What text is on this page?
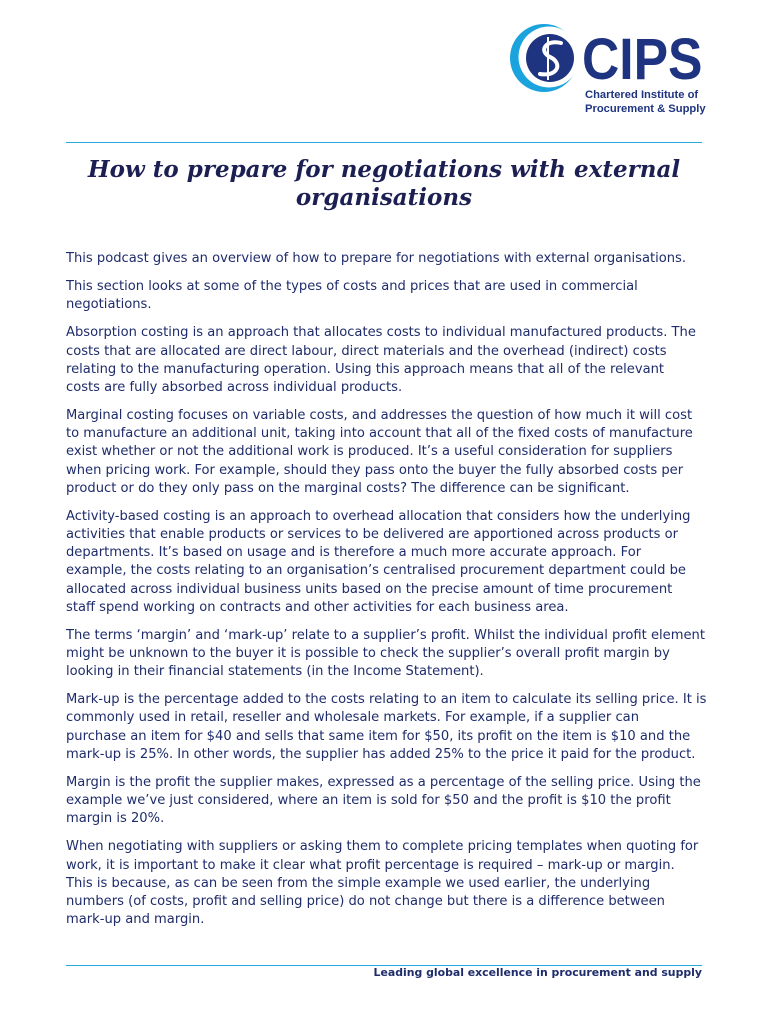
CIPS
Chartered Institute of
Procurement & Supply
How to prepare for negotiations with external
organisations

This podcast gives an overview of how to prepare for negotiations with external organisations.

This section looks at some of the types of costs and prices that are used in commercial
negotiations.

Absorption costing is an approach that allocates costs to individual manufactured products. The
costs that are allocated are direct labour, direct materials and the overhead (indirect) costs
relating to the manufacturing operation. Using this approach means that all of the relevant
costs are fully absorbed across individual products.

Marginal costing focuses on variable costs, and addresses the question of how much it will cost
to manufacture an additional unit, taking into account that all of the fixed costs of manufacture
exist whether or not the additional work is produced. It’s a useful consideration for suppliers
when pricing work. For example, should they pass onto the buyer the fully absorbed costs per
product or do they only pass on the marginal costs? The difference can be significant.

Activity-based costing is an approach to overhead allocation that considers how the underlying
activities that enable products or services to be delivered are apportioned across products or
departments. It’s based on usage and is therefore a much more accurate approach. For
example, the costs relating to an organisation’s centralised procurement department could be
allocated across individual business units based on the precise amount of time procurement
staff spend working on contracts and other activities for each business area.

The terms ‘margin’ and ‘mark-up’ relate to a supplier’s profit. Whilst the individual profit element
might be unknown to the buyer it is possible to check the supplier’s overall profit margin by
looking in their financial statements (in the Income Statement).

Mark-up is the percentage added to the costs relating to an item to calculate its selling price. It is
commonly used in retail, reseller and wholesale markets. For example, if a supplier can
purchase an item for $40 and sells that same item for $50, its profit on the item is $10 and the
mark-up is 25%. In other words, the supplier has added 25% to the price it paid for the product.

Margin is the profit the supplier makes, expressed as a percentage of the selling price. Using the
example we’ve just considered, where an item is sold for $50 and the profit is $10 the profit
margin is 20%.

When negotiating with suppliers or asking them to complete pricing templates when quoting for
work, it is important to make it clear what profit percentage is required – mark-up or margin.
This is because, as can be seen from the simple example we used earlier, the underlying
numbers (of costs, profit and selling price) do not change but there is a difference between
mark-up and margin.

Leading global excellence in procurement and supply
